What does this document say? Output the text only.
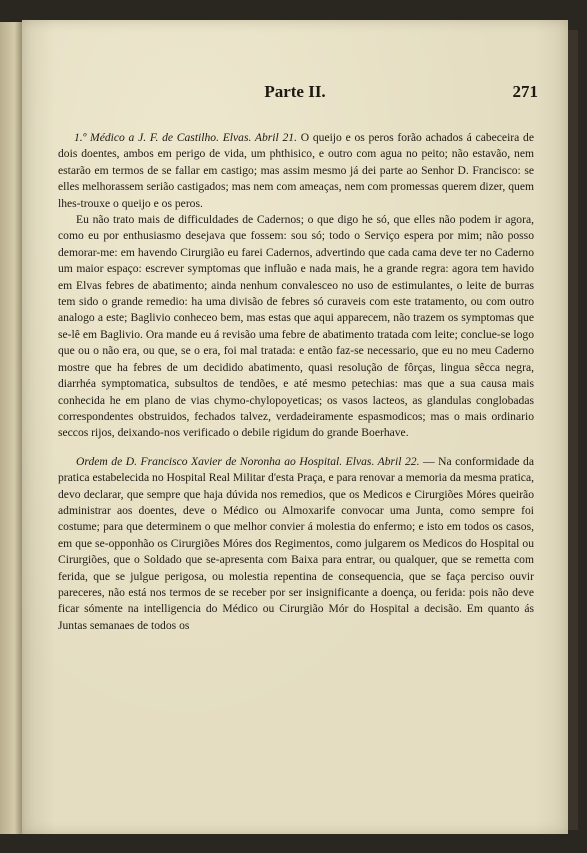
Parte II.	271

1.º Médico a J. F. de Castilho. Elvas. Abril 21. O queijo e os peros forão achados á cabeceira de dois doentes, ambos em perigo de vida, um phthisico, e outro com agua no peito; não estavão, nem estarão em termos de se fallar em castigo; mas assim mesmo já dei parte ao Senhor D. Francisco: se elles melhorassem serião castigados; mas nem com ameaças, nem com promessas querem dizer, quem lhes-trouxe o queijo e os peros.

Eu não trato mais de difficuldades de Cadernos; o que digo he só, que elles não podem ir agora, como eu por enthusiasmo desejava que fossem: sou só; todo o Serviço espera por mim; não posso demorar-me: em havendo Cirurgião eu farei Cadernos, advertindo que cada cama deve ter no Caderno um maior espaço: escrever symptomas que influão e nada mais, he a grande regra: agora tem havido em Elvas febres de abatimento; ainda nenhum convalesceo no uso de estimulantes, o leite de burras tem sido o grande remedio: ha uma divisão de febres só curaveis com este tratamento, ou com outro analogo a este; Baglivio conheceo bem, mas estas que aqui apparecem, não trazem os symptomas que se-lê em Baglivio. Ora mande eu á revisão uma febre de abatimento tratada com leite; conclue-se logo que ou o não era, ou que, se o era, foi mal tratada: e então faz-se necessario, que eu no meu Caderno mostre que ha febres de um decidido abatimento, quasi resolução de fôrças, lingua sêcca negra, diarrhéa symptomatica, subsultos de tendões, e até mesmo petechias: mas que a sua causa mais conhecida he em plano de vias chymo-chylopoyeticas; os vasos lacteos, as glandulas conglobadas correspondentes obstruidos, fechados talvez, verdadeiramente espasmodicos; mas o mais ordinario seccos rijos, deixando-nos verificado o debile rigidum do grande Boerhave.

Ordem de D. Francisco Xavier de Noronha ao Hospital. Elvas. Abril 22. — Na conformidade da pratica estabelecida no Hospital Real Militar d'esta Praça, e para renovar a memoria da mesma pratica, devo declarar, que sempre que haja dúvida nos remedios, que os Medicos e Cirurgiões Móres queirão administrar aos doentes, deve o Médico ou Almoxarife convocar uma Junta, como sempre foi costume; para que determinem o que melhor convier á molestia do enfermo; e isto em todos os casos, em que se-opponhão os Cirurgiões Móres dos Regimentos, como julgarem os Medicos do Hospital ou Cirurgiões, que o Soldado que se-apresenta com Baixa para entrar, ou qualquer, que se remetta com ferida, que se julgue perigosa, ou molestia repentina de consequencia, que se faça perciso ouvir pareceres, não está nos termos de se receber por ser insignificante a doença, ou ferida: pois não deve ficar sómente na intelligencia do Médico ou Cirurgião Mór do Hospital a decisão. Em quanto ás Juntas semanaes de todos os
